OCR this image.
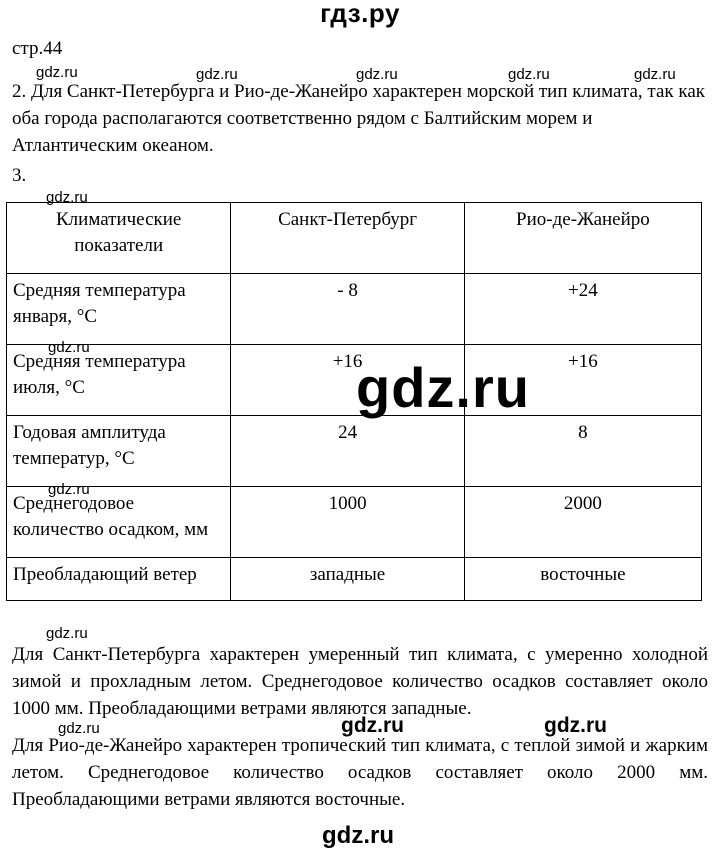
гдз.ру
стр.44
2. Для Санкт-Петербурга и Рио-де-Жанейро характерен морской тип климата, так как оба города располагаются соответственно рядом с Балтийским морем и Атлантическим океаном.
3.
Климатические показатели	Санкт-Петербург	Рио-де-Жанейро
Средняя температура января, °С	- 8	+24
Средняя температура июля, °С	+16	+16
Годовая амплитуда температур, °С	24	8
Среднегодовое количество осадком, мм	1000	2000
Преобладающий ветер	западные	восточные
Для Санкт-Петербурга характерен умеренный тип климата, с умеренно холодной зимой и прохладным летом. Среднегодовое количество осадков составляет около 1000 мм. Преобладающими ветрами являются западные.
Для Рио-де-Жанейро характерен тропический тип климата, с теплой зимой и жарким летом. Среднегодовое количество осадков составляет около 2000 мм. Преобладающими ветрами являются восточные.
gdz.ru	gdz.ru	gdz.ru	gdz.ru	gdz.ru
gdz.ru
gdz.ru
gdz.ru
gdz.ru
gdz.ru
gdz.ru	gdz.ru	gdz.ru
gdz.ru
